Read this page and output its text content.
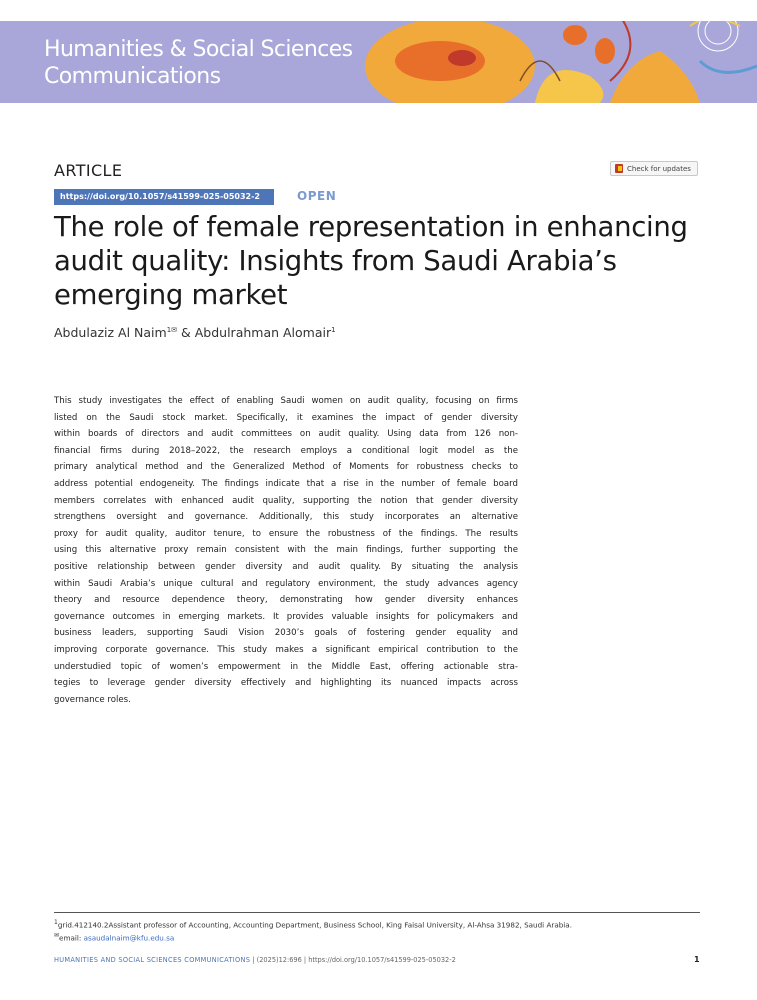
Humanities & Social Sciences
Communications
ARTICLE	Check for updates
https://doi.org/10.1057/s41599-025-05032-2	OPEN
The role of female representation in enhancing
audit quality: Insights from Saudi Arabia’s
emerging market
Abdulaziz Al Naim$^{1✉}$ & Abdulrahman Alomair$^1$
This study investigates the effect of enabling Saudi women on audit quality, focusing on firms
listed on the Saudi stock market. Specifically, it examines the impact of gender diversity
within boards of directors and audit committees on audit quality. Using data from 126 non-
financial firms during 2018–2022, the research employs a conditional logit model as the
primary analytical method and the Generalized Method of Moments for robustness checks to
address potential endogeneity. The findings indicate that a rise in the number of female board
members correlates with enhanced audit quality, supporting the notion that gender diversity
strengthens oversight and governance. Additionally, this study incorporates an alternative
proxy for audit quality, auditor tenure, to ensure the robustness of the findings. The results
using this alternative proxy remain consistent with the main findings, further supporting the
positive relationship between gender diversity and audit quality. By situating the analysis
within Saudi Arabia’s unique cultural and regulatory environment, the study advances agency
theory and resource dependence theory, demonstrating how gender diversity enhances
governance outcomes in emerging markets. It provides valuable insights for policymakers and
business leaders, supporting Saudi Vision 2030’s goals of fostering gender equality and
improving corporate governance. This study makes a significant empirical contribution to the
understudied topic of women’s empowerment in the Middle East, offering actionable stra-
tegies to leverage gender diversity effectively and highlighting its nuanced impacts across
governance roles.
$^1$grid.412140.2Assistant professor of Accounting, Accounting Department, Business School, King Faisal University, Al-Ahsa 31982, Saudi Arabia.
✉email: asaudalnaim@kfu.edu.sa
HUMANITIES AND SOCIAL SCIENCES COMMUNICATIONS | (2025)12:696 | https://doi.org/10.1057/s41599-025-05032-2	1
